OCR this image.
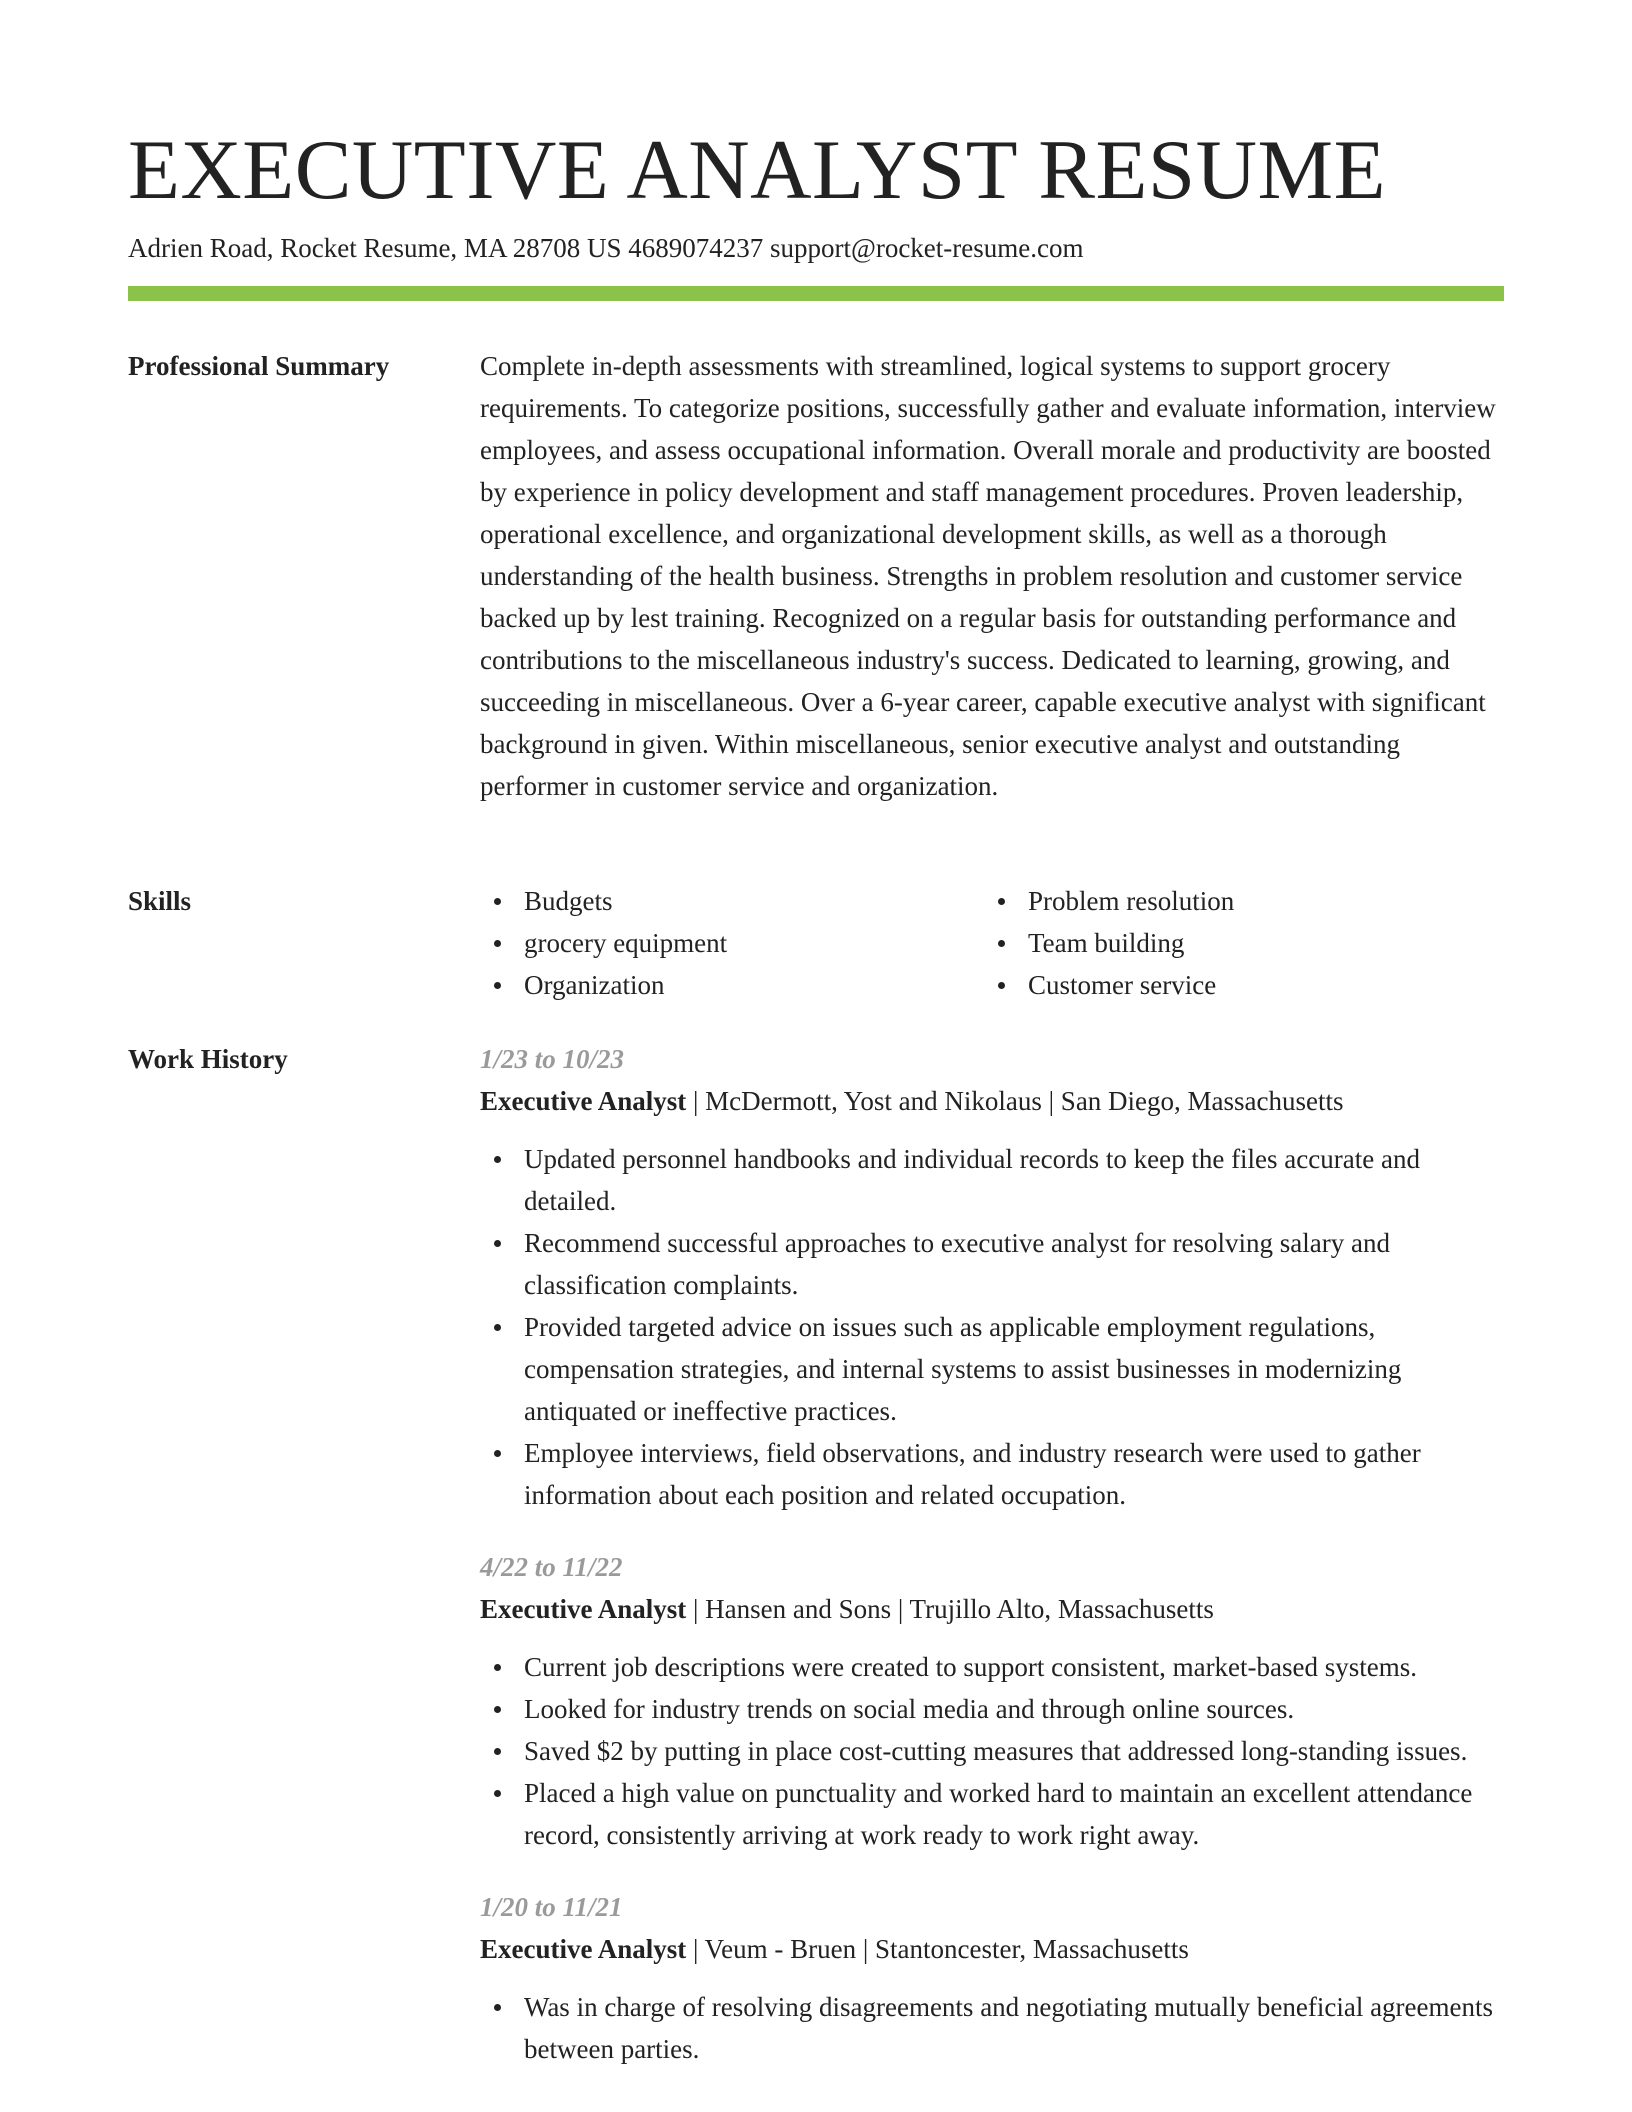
EXECUTIVE ANALYST RESUME
Adrien Road, Rocket Resume, MA 28708 US 4689074237 support@rocket-resume.com
Professional Summary	Complete in-depth assessments with streamlined, logical systems to support grocery requirements. To categorize positions, successfully gather and evaluate information, interview employees, and assess occupational information. Overall morale and productivity are boosted by experience in policy development and staff management procedures. Proven leadership, operational excellence, and organizational development skills, as well as a thorough understanding of the health business. Strengths in problem resolution and customer service backed up by lest training. Recognized on a regular basis for outstanding performance and contributions to the miscellaneous industry's success. Dedicated to learning, growing, and succeeding in miscellaneous. Over a 6-year career, capable executive analyst with significant background in given. Within miscellaneous, senior executive analyst and outstanding performer in customer service and organization.

Skills	Budgets
grocery equipment
Organization
Problem resolution
Team building
Customer service
Work History	1/23 to 10/23
Executive Analyst | McDermott, Yost and Nikolaus | San Diego, Massachusetts
Updated personnel handbooks and individual records to keep the files accurate and detailed.
Recommend successful approaches to executive analyst for resolving salary and classification complaints.
Provided targeted advice on issues such as applicable employment regulations, compensation strategies, and internal systems to assist businesses in modernizing antiquated or ineffective practices.
Employee interviews, field observations, and industry research were used to gather information about each position and related occupation.
4/22 to 11/22
Executive Analyst | Hansen and Sons | Trujillo Alto, Massachusetts
Current job descriptions were created to support consistent, market-based systems.
Looked for industry trends on social media and through online sources.
Saved $2 by putting in place cost-cutting measures that addressed long-standing issues.
Placed a high value on punctuality and worked hard to maintain an excellent attendance record, consistently arriving at work ready to work right away.
1/20 to 11/21
Executive Analyst | Veum - Bruen | Stantoncester, Massachusetts
Was in charge of resolving disagreements and negotiating mutually beneficial agreements between parties.
